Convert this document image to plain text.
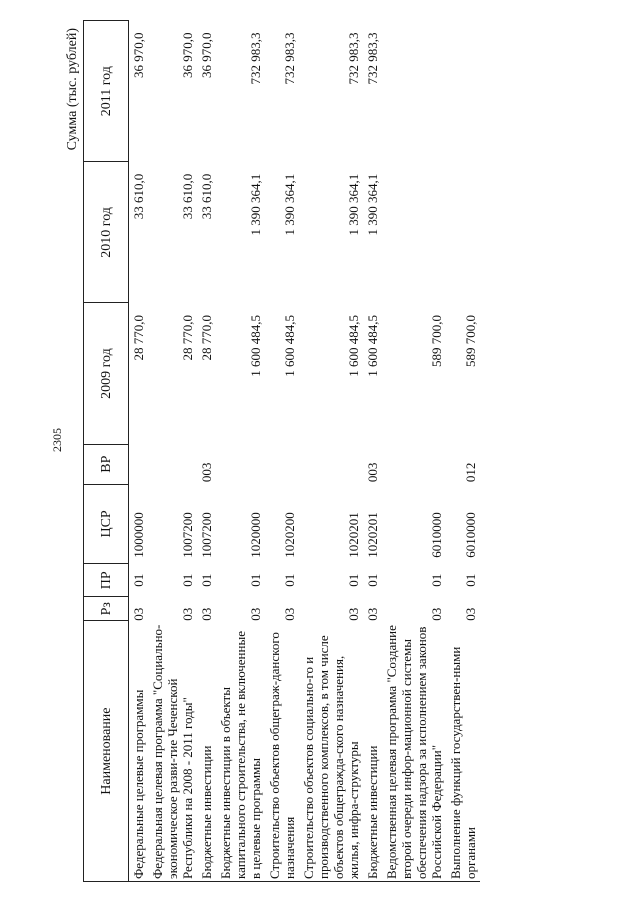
2305
Сумма (тыс. рублей)
Наименование	Рз	ПР	ЦСР	ВР	2009 год	2010 год	2011 год
Федеральные целевые программы	03	01	1000000		28 770,0	33 610,0	36 970,0
Федеральная целевая программа "Социально-экономическое разви-тие Чеченской Республики на 2008 - 2011 годы"	03	01	1007200		28 770,0	33 610,0	36 970,0
Бюджетные инвестиции	03	01	1007200	003	28 770,0	33 610,0	36 970,0
Бюджетные инвестиции в объекты капитального строительства, не включенные в целевые программы	03	01	1020000		1 600 484,5	1 390 364,1	732 983,3
Строительство объектов общеграж-данского назначения	03	01	1020200		1 600 484,5	1 390 364,1	732 983,3
Строительство объектов социально-го и производственного комплексов, в том числе объектов общегражда-ского назначения, жилья, инфра-структуры	03	01	1020201		1 600 484,5	1 390 364,1	732 983,3
Бюджетные инвестиции	03	01	1020201	003	1 600 484,5	1 390 364,1	732 983,3
Ведомственная целевая программа "Создание второй очереди инфор-мационной системы обеспечения надзора за исполнением законов Российской Федерации"	03	01	6010000		589 700,0		
Выполнение функций государствен-ными органами	03	01	6010000	012	589 700,0		
